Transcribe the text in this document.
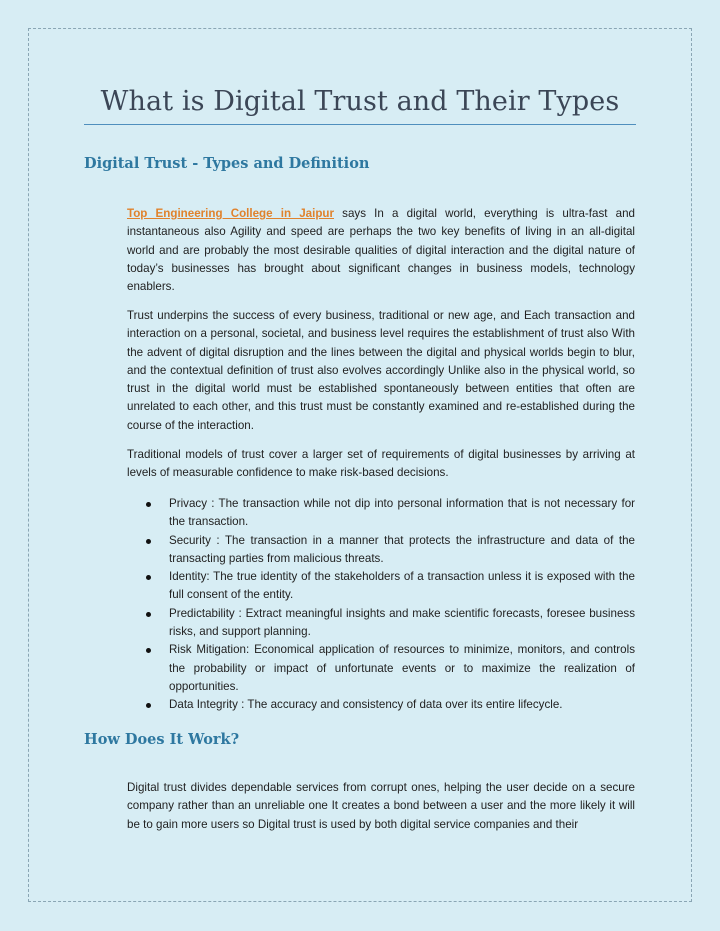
What is Digital Trust and Their Types
Digital Trust - Types and Definition

Top Engineering College in Jaipur says In a digital world, everything is ultra-fast and instantaneous also Agility and speed are perhaps the two key benefits of living in an all-digital world and are probably the most desirable qualities of digital interaction and the digital nature of today’s businesses has brought about significant changes in business models, technology enablers.

Trust underpins the success of every business, traditional or new age, and Each transaction and interaction on a personal, societal, and business level requires the establishment of trust also With the advent of digital disruption and the lines between the digital and physical worlds begin to blur, and the contextual definition of trust also evolves accordingly Unlike also in the physical world, so trust in the digital world must be established spontaneously between entities that often are unrelated to each other, and this trust must be constantly examined and re-established during the course of the interaction.

Traditional models of trust cover a larger set of requirements of digital businesses by arriving at levels of measurable confidence to make risk-based decisions.

Privacy : The transaction while not dip into personal information that is not necessary for the transaction.
Security : The transaction in a manner that protects the infrastructure and data of the transacting parties from malicious threats.
Identity: The true identity of the stakeholders of a transaction unless it is exposed with the full consent of the entity.
Predictability : Extract meaningful insights and make scientific forecasts, foresee business risks, and support planning.
Risk Mitigation: Economical application of resources to minimize, monitors, and controls the probability or impact of unfortunate events or to maximize the realization of opportunities.
Data Integrity : The accuracy and consistency of data over its entire lifecycle.
How Does It Work?

Digital trust divides dependable services from corrupt ones, helping the user decide on a secure company rather than an unreliable one It creates a bond between a user and the more likely it will be to gain more users so Digital trust is used by both digital service companies and their
